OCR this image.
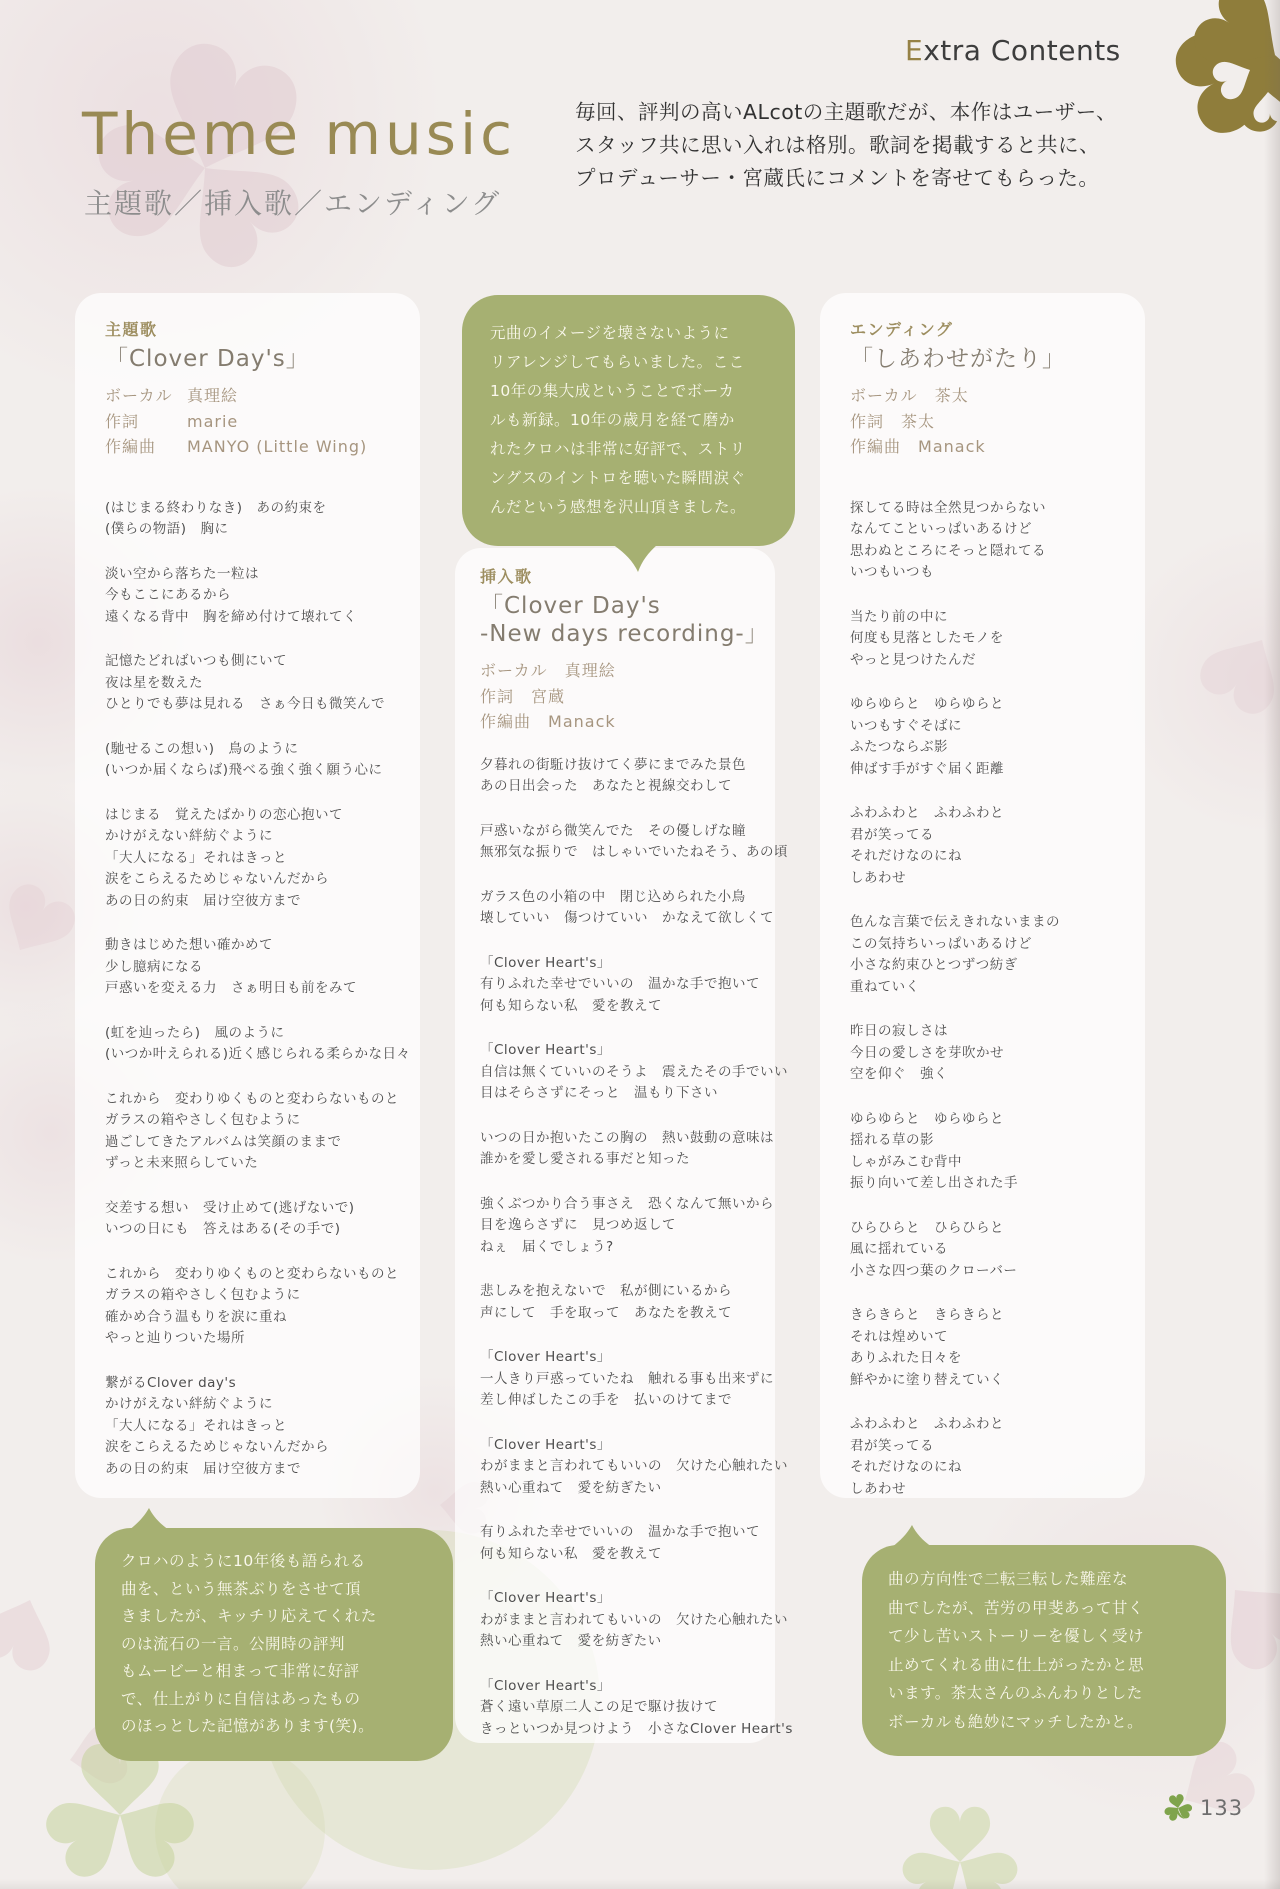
Extra Contents
Theme music
主題歌／挿入歌／エンディング
毎回、評判の高いALcotの主題歌だが、本作はユーザー、
スタッフ共に思い入れは格別。歌詞を掲載すると共に、
プロデューサー・宮蔵氏にコメントを寄せてもらった。
主題歌
「Clover Day's」
ボーカル 真理絵
作詞	marie
作編曲 MANYO (Little Wing)
(はじまる終わりなき)　あの約束を
(僕らの物語)　胸に
淡い空から落ちた一粒は
今もここにあるから
遠くなる背中　胸を締め付けて壊れてく
記憶たどればいつも側にいて
夜は星を数えた
ひとりでも夢は見れる　さぁ今日も微笑んで
(馳せるこの想い)　鳥のように
(いつか届くならば)飛べる強く強く願う心に
はじまる　覚えたばかりの恋心抱いて
かけがえない絆紡ぐように
「大人になる」それはきっと
涙をこらえるためじゃないんだから
あの日の約束　届け空彼方まで
動きはじめた想い確かめて
少し臆病になる
戸惑いを変える力　さぁ明日も前をみて
(虹を辿ったら)　風のように
(いつか叶えられる)近く感じられる柔らかな日々
これから　変わりゆくものと変わらないものと
ガラスの箱やさしく包むように
過ごしてきたアルバムは笑顔のままで
ずっと未来照らしていた
交差する想い　受け止めて(逃げないで)
いつの日にも　答えはある(その手で)
これから　変わりゆくものと変わらないものと
ガラスの箱やさしく包むように
確かめ合う温もりを涙に重ね
やっと辿りついた場所
繋がるClover day's
かけがえない絆紡ぐように
「大人になる」それはきっと
涙をこらえるためじゃないんだから
あの日の約束　届け空彼方まで
挿入歌
「Clover Day's
-New days recording-」
ボーカル 真理絵
作詞 宮蔵
作編曲 Manack
夕暮れの街駈け抜けてく夢にまでみた景色
あの日出会った　あなたと視線交わして
戸惑いながら微笑んでた　その優しげな瞳
無邪気な振りで　はしゃいでいたねそう、あの頃
ガラス色の小箱の中　閉じ込められた小鳥
壊していい　傷つけていい　かなえて欲しくて
「Clover Heart's」
有りふれた幸せでいいの　温かな手で抱いて
何も知らない私　愛を教えて
「Clover Heart's」
自信は無くていいのそうよ　震えたその手でいい
目はそらさずにそっと　温もり下さい
いつの日か抱いたこの胸の　熱い鼓動の意味は
誰かを愛し愛される事だと知った
強くぶつかり合う事さえ　恐くなんて無いから
目を逸らさずに　見つめ返して
ねぇ　届くでしょう?
悲しみを抱えないで　私が側にいるから
声にして　手を取って　あなたを教えて
「Clover Heart's」
一人きり戸惑っていたね　触れる事も出来ずに
差し伸ばしたこの手を　払いのけてまで
「Clover Heart's」
わがままと言われてもいいの　欠けた心触れたい
熱い心重ねて　愛を紡ぎたい
有りふれた幸せでいいの　温かな手で抱いて
何も知らない私　愛を教えて
「Clover Heart's」
わがままと言われてもいいの　欠けた心触れたい
熱い心重ねて　愛を紡ぎたい
「Clover Heart's」
蒼く遠い草原二人この足で駆け抜けて
きっといつか見つけよう　小さなClover Heart's
エンディング
「しあわせがたり」
ボーカル 茶太
作詞 茶太
作編曲 Manack
探してる時は全然見つからない
なんてこといっぱいあるけど
思わぬところにそっと隠れてる
いつもいつも
当たり前の中に
何度も見落としたモノを
やっと見つけたんだ
ゆらゆらと　ゆらゆらと
いつもすぐそばに
ふたつならぶ影
伸ばす手がすぐ届く距離
ふわふわと　ふわふわと
君が笑ってる
それだけなのにね
しあわせ
色んな言葉で伝えきれないままの
この気持ちいっぱいあるけど
小さな約束ひとつずつ紡ぎ
重ねていく
昨日の寂しさは
今日の愛しさを芽吹かせ
空を仰ぐ　強く
ゆらゆらと　ゆらゆらと
揺れる草の影
しゃがみこむ背中
振り向いて差し出された手
ひらひらと　ひらひらと
風に揺れている
小さな四つ葉のクローバー
きらきらと　きらきらと
それは煌めいて
ありふれた日々を
鮮やかに塗り替えていく
ふわふわと　ふわふわと
君が笑ってる
それだけなのにね
しあわせ
元曲のイメージを壊さないように
リアレンジしてもらいました。ここ
10年の集大成ということでボーカ
ルも新録。10年の歳月を経て磨か
れたクロハは非常に好評で、ストリ
ングスのイントロを聴いた瞬間涙ぐ
んだという感想を沢山頂きました。
クロハのように10年後も語られる
曲を、という無茶ぶりをさせて頂
きましたが、キッチリ応えてくれた
のは流石の一言。公開時の評判
もムービーと相まって非常に好評
で、仕上がりに自信はあったもの
のほっとした記憶があります(笑)。
曲の方向性で二転三転した難産な
曲でしたが、苦労の甲斐あって甘く
て少し苦いストーリーを優しく受け
止めてくれる曲に仕上がったかと思
います。茶太さんのふんわりとした
ボーカルも絶妙にマッチしたかと。
133
